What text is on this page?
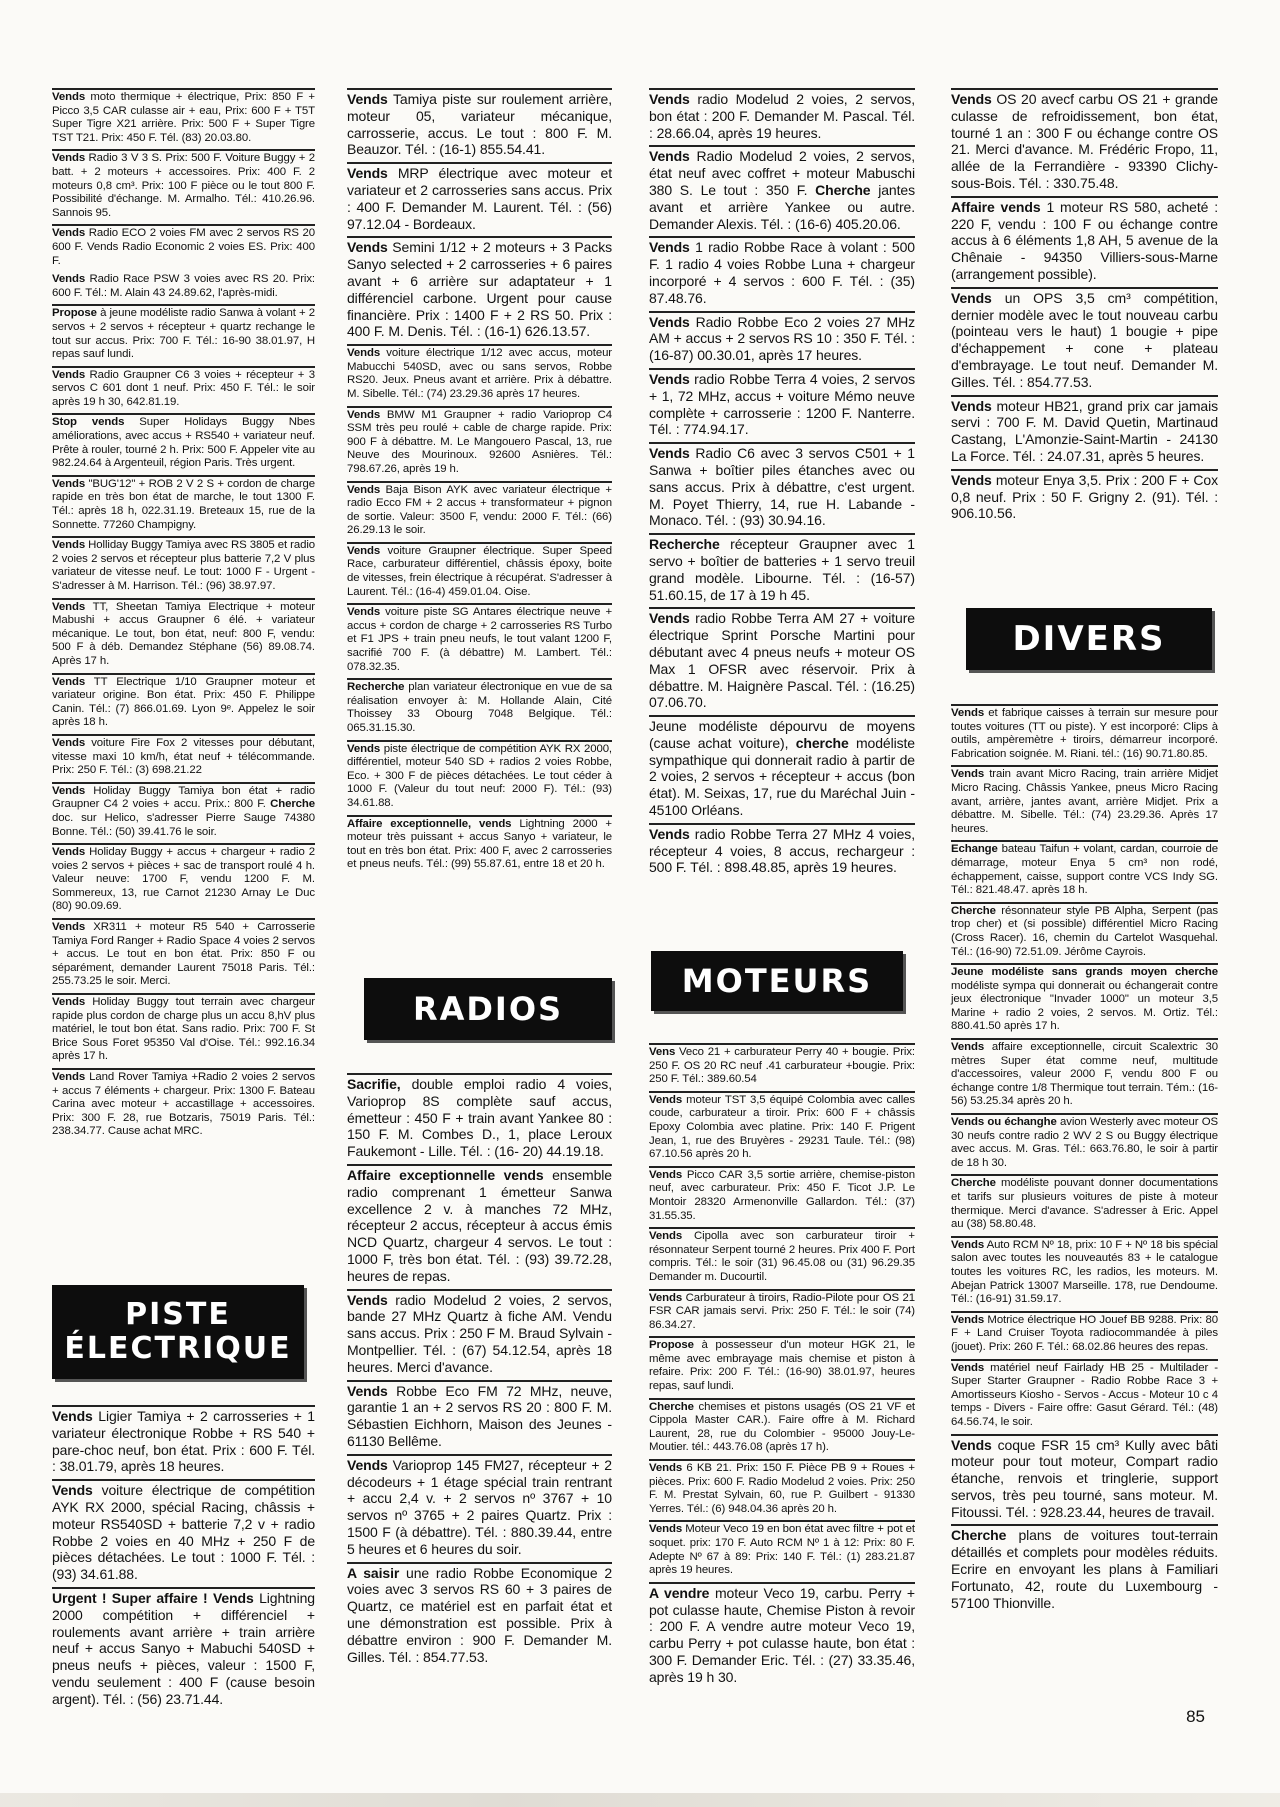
Vends moto thermique + électrique, Prix: 850 F + Picco 3,5 CAR culasse air + eau, Prix: 600 F + T5T Super Tigre X21 arrière. Prix: 500 F + Super Tigre TST T21. Prix: 450 F. Tél. (83) 20.03.80.
Vends Radio 3 V 3 S. Prix: 500 F. Voiture Buggy + 2 batt. + 2 moteurs + accessoires. Prix: 400 F. 2 moteurs 0,8 cm³. Prix: 100 F pièce ou le tout 800 F. Possibilité d'échange. M. Armalho. Tél.: 410.26.96. Sannois 95.
Vends Radio ECO 2 voies FM avec 2 servos RS 20 600 F. Vends Radio Economic 2 voies ES. Prix: 400 F.
Vends Radio Race PSW 3 voies avec RS 20. Prix: 600 F. Tél.: M. Alain 43 24.89.62, l'après-midi.
Propose à jeune modéliste radio Sanwa à volant + 2 servos + 2 servos + récepteur + quartz rechange le tout sur accus. Prix: 700 F. Tél.: 16-90 38.01.97, H repas sauf lundi.
Vends Radio Graupner C6 3 voies + récepteur + 3 servos C 601 dont 1 neuf. Prix: 450 F. Tél.: le soir après 19 h 30, 642.81.19.
Stop vends Super Holidays Buggy Nbes améliorations, avec accus + RS540 + variateur neuf. Prête à rouler, tourné 2 h. Prix: 500 F. Appeler vite au 982.24.64 à Argenteuil, région Paris. Très urgent.
Vends "BUG'12" + ROB 2 V 2 S + cordon de charge rapide en très bon état de marche, le tout 1300 F. Tél.: après 18 h, 022.31.19. Breteaux 15, rue de la Sonnette. 77260 Champigny.
Vends Holliday Buggy Tamiya avec RS 3805 et radio 2 voies 2 servos et récepteur plus batterie 7,2 V plus variateur de vitesse neuf. Le tout: 1000 F - Urgent - S'adresser à M. Harrison. Tél.: (96) 38.97.97.
Vends TT, Sheetan Tamiya Electrique + moteur Mabushi + accus Graupner 6 élé. + variateur mécanique. Le tout, bon état, neuf: 800 F, vendu: 500 F à déb. Demandez Stéphane (56) 89.08.74. Après 17 h.
Vends TT Electrique 1/10 Graupner moteur et variateur origine. Bon état. Prix: 450 F. Philippe Canin. Tél.: (7) 866.01.69. Lyon 9ᵉ. Appelez le soir après 18 h.
Vends voiture Fire Fox 2 vitesses pour débutant, vitesse maxi 10 km/h, état neuf + télécommande. Prix: 250 F. Tél.: (3) 698.21.22
Vends Holiday Buggy Tamiya bon état + radio Graupner C4 2 voies + accu. Prix.: 800 F. Cherche doc. sur Helico, s'adresser Pierre Sauge 74380 Bonne. Tél.: (50) 39.41.76 le soir.
Vends Holiday Buggy + accus + chargeur + radio 2 voies 2 servos + pièces + sac de transport roulé 4 h. Valeur neuve: 1700 F, vendu 1200 F. M. Sommereux, 13, rue Carnot 21230 Arnay Le Duc (80) 90.09.69.
Vends XR311 + moteur R5 540 + Carrosserie Tamiya Ford Ranger + Radio Space 4 voies 2 servos + accus. Le tout en bon état. Prix: 850 F ou séparément, demander Laurent 75018 Paris. Tél.: 255.73.25 le soir. Merci.
Vends Holiday Buggy tout terrain avec chargeur rapide plus cordon de charge plus un accu 8,hV plus matériel, le tout bon état. Sans radio. Prix: 700 F. St Brice Sous Foret 95350 Val d'Oise. Tél.: 992.16.34 après 17 h.
Vends Land Rover Tamiya +Radio 2 voies 2 servos + accus 7 éléments + chargeur. Prix: 1300 F. Bateau Carina avec moteur + accastillage + accessoires. Prix: 300 F. 28, rue Botzaris, 75019 Paris. Tél.: 238.34.77. Cause achat MRC.
PISTE
ÉLECTRIQUE
Vends Ligier Tamiya + 2 carrosseries + 1 variateur électronique Robbe + RS 540 + pare-choc neuf, bon état. Prix : 600 F. Tél. : 38.01.79, après 18 heures.
Vends voiture électrique de compétition AYK RX 2000, spécial Racing, châssis + moteur RS540SD + batterie 7,2 v + radio Robbe 2 voies en 40 MHz + 250 F de pièces détachées. Le tout : 1000 F. Tél. : (93) 34.61.88.
Urgent ! Super affaire ! Vends Lightning 2000 compétition + différenciel + roulements avant arrière + train arrière neuf + accus Sanyo + Mabuchi 540SD + pneus neufs + pièces, valeur : 1500 F, vendu seulement : 400 F (cause besoin argent). Tél. : (56) 23.71.44.
Vends Tamiya piste sur roulement arrière, moteur 05, variateur mécanique, carrosserie, accus. Le tout : 800 F. M. Beauzor. Tél. : (16-1) 855.54.41.
Vends MRP électrique avec moteur et variateur et 2 carrosseries sans accus. Prix : 400 F. Demander M. Laurent. Tél. : (56) 97.12.04 - Bordeaux.
Vends Semini 1/12 + 2 moteurs + 3 Packs Sanyo selected + 2 carrosseries + 6 paires avant + 6 arrière sur adaptateur + 1 différenciel carbone. Urgent pour cause financière. Prix : 1400 F + 2 RS 50. Prix : 400 F. M. Denis. Tél. : (16-1) 626.13.57.
Vends voiture électrique 1/12 avec accus, moteur Mabucchi 540SD, avec ou sans servos, Robbe RS20. Jeux. Pneus avant et arrière. Prix à débattre. M. Sibelle. Tél.: (74) 23.29.36 après 17 heures.
Vends BMW M1 Graupner + radio Varioprop C4 SSM très peu roulé + cable de charge rapide. Prix: 900 F à débattre. M. Le Mangouero Pascal, 13, rue Neuve des Mourinoux. 92600 Asnières. Tél.: 798.67.26, après 19 h.
Vends Baja Bison AYK avec variateur électrique + radio Ecco FM + 2 accus + transformateur + pignon de sortie. Valeur: 3500 F, vendu: 2000 F. Tél.: (66) 26.29.13 le soir.
Vends voiture Graupner électrique. Super Speed Race, carburateur différentiel, châssis époxy, boite de vitesses, frein électrique à récupérat. S'adresser à Laurent. Tél.: (16-4) 459.01.04. Oise.
Vends voiture piste SG Antares électrique neuve + accus + cordon de charge + 2 carrosseries RS Turbo et F1 JPS + train pneu neufs, le tout valant 1200 F, sacrifié 700 F. (à débattre) M. Lambert. Tél.: 078.32.35.
Recherche plan variateur électronique en vue de sa réalisation envoyer à: M. Hollande Alain, Cité Thoissey 33 Obourg 7048 Belgique. Tél.: 065.31.15.30.
Vends piste électrique de compétition AYK RX 2000, différentiel, moteur 540 SD + radios 2 voies Robbe, Eco. + 300 F de pièces détachées. Le tout céder à 1000 F. (Valeur du tout neuf: 2000 F). Tél.: (93) 34.61.88.
Affaire exceptionnelle, vends Lightning 2000 + moteur très puissant + accus Sanyo + variateur, le tout en très bon état. Prix: 400 F, avec 2 carrosseries et pneus neufs. Tél.: (99) 55.87.61, entre 18 et 20 h.
RADIOS
Sacrifie, double emploi radio 4 voies, Varioprop 8S complète sauf accus, émetteur : 450 F + train avant Yankee 80 : 150 F. M. Combes D., 1, place Leroux Faukemont - Lille. Tél. : (16- 20) 44.19.18.
Affaire exceptionnelle vends ensemble radio comprenant 1 émetteur Sanwa excellence 2 v. à manches 72 MHz, récepteur 2 accus, récepteur à accus émis NCD Quartz, chargeur 4 servos. Le tout : 1000 F, très bon état. Tél. : (93) 39.72.28, heures de repas.
Vends radio Modelud 2 voies, 2 servos, bande 27 MHz Quartz à fiche AM. Vendu sans accus. Prix : 250 F M. Braud Sylvain - Montpellier. Tél. : (67) 54.12.54, après 18 heures. Merci d'avance.
Vends Robbe Eco FM 72 MHz, neuve, garantie 1 an + 2 servos RS 20 : 800 F. M. Sébastien Eichhorn, Maison des Jeunes - 61130 Bellême.
Vends Varioprop 145 FM27, récepteur + 2 décodeurs + 1 étage spécial train rentrant + accu 2,4 v. + 2 servos nº 3767 + 10 servos nº 3765 + 2 paires Quartz. Prix : 1500 F (à débattre). Tél. : 880.39.44, entre 5 heures et 6 heures du soir.
A saisir une radio Robbe Economique 2 voies avec 3 servos RS 60 + 3 paires de Quartz, ce matériel est en parfait état et une démonstration est possible. Prix à débattre environ : 900 F. Demander M. Gilles. Tél. : 854.77.53.
Vends radio Modelud 2 voies, 2 servos, bon état : 200 F. Demander M. Pascal. Tél. : 28.66.04, après 19 heures.
Vends Radio Modelud 2 voies, 2 servos, état neuf avec coffret + moteur Mabuschi 380 S. Le tout : 350 F. Cherche jantes avant et arrière Yankee ou autre. Demander Alexis. Tél. : (16-6) 405.20.06.
Vends 1 radio Robbe Race à volant : 500 F. 1 radio 4 voies Robbe Luna + chargeur incorporé + 4 servos : 600 F. Tél. : (35) 87.48.76.
Vends Radio Robbe Eco 2 voies 27 MHz AM + accus + 2 servos RS 10 : 350 F. Tél. : (16-87) 00.30.01, après 17 heures.
Vends radio Robbe Terra 4 voies, 2 servos + 1, 72 MHz, accus + voiture Mémo neuve complète + carrosserie : 1200 F. Nanterre. Tél. : 774.94.17.
Vends Radio C6 avec 3 servos C501 + 1 Sanwa + boîtier piles étanches avec ou sans accus. Prix à débattre, c'est urgent. M. Poyet Thierry, 14, rue H. Labande - Monaco. Tél. : (93) 30.94.16.
Recherche récepteur Graupner avec 1 servo + boîtier de batteries + 1 servo treuil grand modèle. Libourne. Tél. : (16-57) 51.60.15, de 17 à 19 h 45.
Vends radio Robbe Terra AM 27 + voiture électrique Sprint Porsche Martini pour débutant avec 4 pneus neufs + moteur OS Max 1 OFSR avec réservoir. Prix à débattre. M. Haignère Pascal. Tél. : (16.25) 07.06.70.
Jeune modéliste dépourvu de moyens (cause achat voiture), cherche modéliste sympathique qui donnerait radio à partir de 2 voies, 2 servos + récepteur + accus (bon état). M. Seixas, 17, rue du Maréchal Juin - 45100 Orléans.
Vends radio Robbe Terra 27 MHz 4 voies, récepteur 4 voies, 8 accus, rechargeur : 500 F. Tél. : 898.48.85, après 19 heures.
MOTEURS
Vens Veco 21 + carburateur Perry 40 + bougie. Prix: 250 F. OS 20 RC neuf .41 carburateur +bougie. Prix: 250 F. Tél.: 389.60.54
Vends moteur TST 3,5 équipé Colombia avec calles coude, carburateur a tiroir. Prix: 600 F + châssis Epoxy Colombia avec platine. Prix: 140 F. Prigent Jean, 1, rue des Bruyères - 29231 Taule. Tél.: (98) 67.10.56 après 20 h.
Vends Picco CAR 3,5 sortie arrière, chemise-piston neuf, avec carburateur. Prix: 450 F. Ticot J.P. Le Montoir 28320 Armenonville Gallardon. Tél.: (37) 31.55.35.
Vends Cipolla avec son carburateur tiroir + résonnateur Serpent tourné 2 heures. Prix 400 F. Port compris. Tél.: le soir (31) 96.45.08 ou (31) 96.29.35 Demander m. Ducourtil.
Vends Carburateur à tiroirs, Radio-Pilote pour OS 21 FSR CAR jamais servi. Prix: 250 F. Tél.: le soir (74) 86.34.27.
Propose à possesseur d'un moteur HGK 21, le même avec embrayage mais chemise et piston à refaire. Prix: 200 F. Tél.: (16-90) 38.01.97, heures repas, sauf lundi.
Cherche chemises et pistons usagés (OS 21 VF et Cippola Master CAR.). Faire offre à M. Richard Laurent, 28, rue du Colombier - 95000 Jouy-Le-Moutier. tél.: 443.76.08 (après 17 h).
Vends 6 KB 21. Prix: 150 F. Pièce PB 9 + Roues + pièces. Prix: 600 F. Radio Modelud 2 voies. Prix: 250 F. M. Prestat Sylvain, 60, rue P. Guilbert - 91330 Yerres. Tél.: (6) 948.04.36 après 20 h.
Vends Moteur Veco 19 en bon état avec filtre + pot et soquet. prix: 170 F. Auto RCM Nº 1 à 12: Prix: 80 F. Adepte Nº 67 à 89: Prix: 140 F. Tél.: (1) 283.21.87 après 19 heures.
A vendre moteur Veco 19, carbu. Perry + pot culasse haute, Chemise Piston à revoir : 200 F. A vendre autre moteur Veco 19, carbu Perry + pot culasse haute, bon état : 300 F. Demander Eric. Tél. : (27) 33.35.46, après 19 h 30.
Vends OS 20 avecf carbu OS 21 + grande culasse de refroidissement, bon état, tourné 1 an : 300 F ou échange contre OS 21. Merci d'avance. M. Frédéric Fropo, 11, allée de la Ferrandière - 93390 Clichy-sous-Bois. Tél. : 330.75.48.
Affaire vends 1 moteur RS 580, acheté : 220 F, vendu : 100 F ou échange contre accus à 6 éléments 1,8 AH, 5 avenue de la Chênaie - 94350 Villiers-sous-Marne (arrangement possible).
Vends un OPS 3,5 cm³ compétition, dernier modèle avec le tout nouveau carbu (pointeau vers le haut) 1 bougie + pipe d'échappement + cone + plateau d'embrayage. Le tout neuf. Demander M. Gilles. Tél. : 854.77.53.
Vends moteur HB21, grand prix car jamais servi : 700 F. M. David Quetin, Martinaud Castang, L'Amonzie-Saint-Martin - 24130 La Force. Tél. : 24.07.31, après 5 heures.
Vends moteur Enya 3,5. Prix : 200 F + Cox 0,8 neuf. Prix : 50 F. Grigny 2. (91). Tél. : 906.10.56.
DIVERS
Vends et fabrique caisses à terrain sur mesure pour toutes voitures (TT ou piste). Y est incorporé: Clips à outils, ampèremètre + tiroirs, démarreur incorporé. Fabrication soignée. M. Riani. tél.: (16) 90.71.80.85.
Vends train avant Micro Racing, train arrière Midjet Micro Racing. Châssis Yankee, pneus Micro Racing avant, arrière, jantes avant, arrière Midjet. Prix a débattre. M. Sibelle. Tél.: (74) 23.29.36. Après 17 heures.
Echange bateau Taifun + volant, cardan, courroie de démarrage, moteur Enya 5 cm³ non rodé, échappement, caisse, support contre VCS Indy SG. Tél.: 821.48.47. après 18 h.
Cherche résonnateur style PB Alpha, Serpent (pas trop cher) et (si possible) différentiel Micro Racing (Cross Racer). 16, chemin du Cartelot Wasquehal. Tél.: (16-90) 72.51.09. Jérôme Cayrois.
Jeune modéliste sans grands moyen cherche modéliste sympa qui donnerait ou échangerait contre jeux électronique "Invader 1000" un moteur 3,5 Marine + radio 2 voies, 2 servos. M. Ortiz. Tél.: 880.41.50 après 17 h.
Vends affaire exceptionnelle, circuit Scalextric 30 mètres Super état comme neuf, multitude d'accessoires, valeur 2000 F, vendu 800 F ou échange contre 1/8 Thermique tout terrain. Tém.: (16-56) 53.25.34 après 20 h.
Vends ou échanghe avion Westerly avec moteur OS 30 neufs contre radio 2 WV 2 S ou Buggy électrique avec accus. M. Gras. Tél.: 663.76.80, le soir à partir de 18 h 30.
Cherche modéliste pouvant donner documentations et tarifs sur plusieurs voitures de piste à moteur thermique. Merci d'avance. S'adresser à Eric. Appel au (38) 58.80.48.
Vends Auto RCM Nº 18, prix: 10 F + Nº 18 bis spécial salon avec toutes les nouveautés 83 + le catalogue toutes les voitures RC, les radios, les moteurs. M. Abejan Patrick 13007 Marseille. 178, rue Dendoume. Tél.: (16-91) 31.59.17.
Vends Motrice électrique HO Jouef BB 9288. Prix: 80 F + Land Cruiser Toyota radiocommandée à piles (jouet). Prix: 260 F. Tél.: 68.02.86 heures des repas.
Vends matériel neuf Fairlady HB 25 - Multilader - Super Starter Graupner - Radio Robbe Race 3 + Amortisseurs Kiosho - Servos - Accus - Moteur 10 c 4 temps - Divers - Faire offre: Gasut Gérard. Tél.: (48) 64.56.74, le soir.
Vends coque FSR 15 cm³ Kully avec bâti moteur pour tout moteur, Compart radio étanche, renvois et tringlerie, support servos, très peu tourné, sans moteur. M. Fitoussi. Tél. : 928.23.44, heures de travail.
Cherche plans de voitures tout-terrain détaillés et complets pour modèles réduits. Ecrire en envoyant les plans à Familiari Fortunato, 42, route du Luxembourg - 57100 Thionville.
85
